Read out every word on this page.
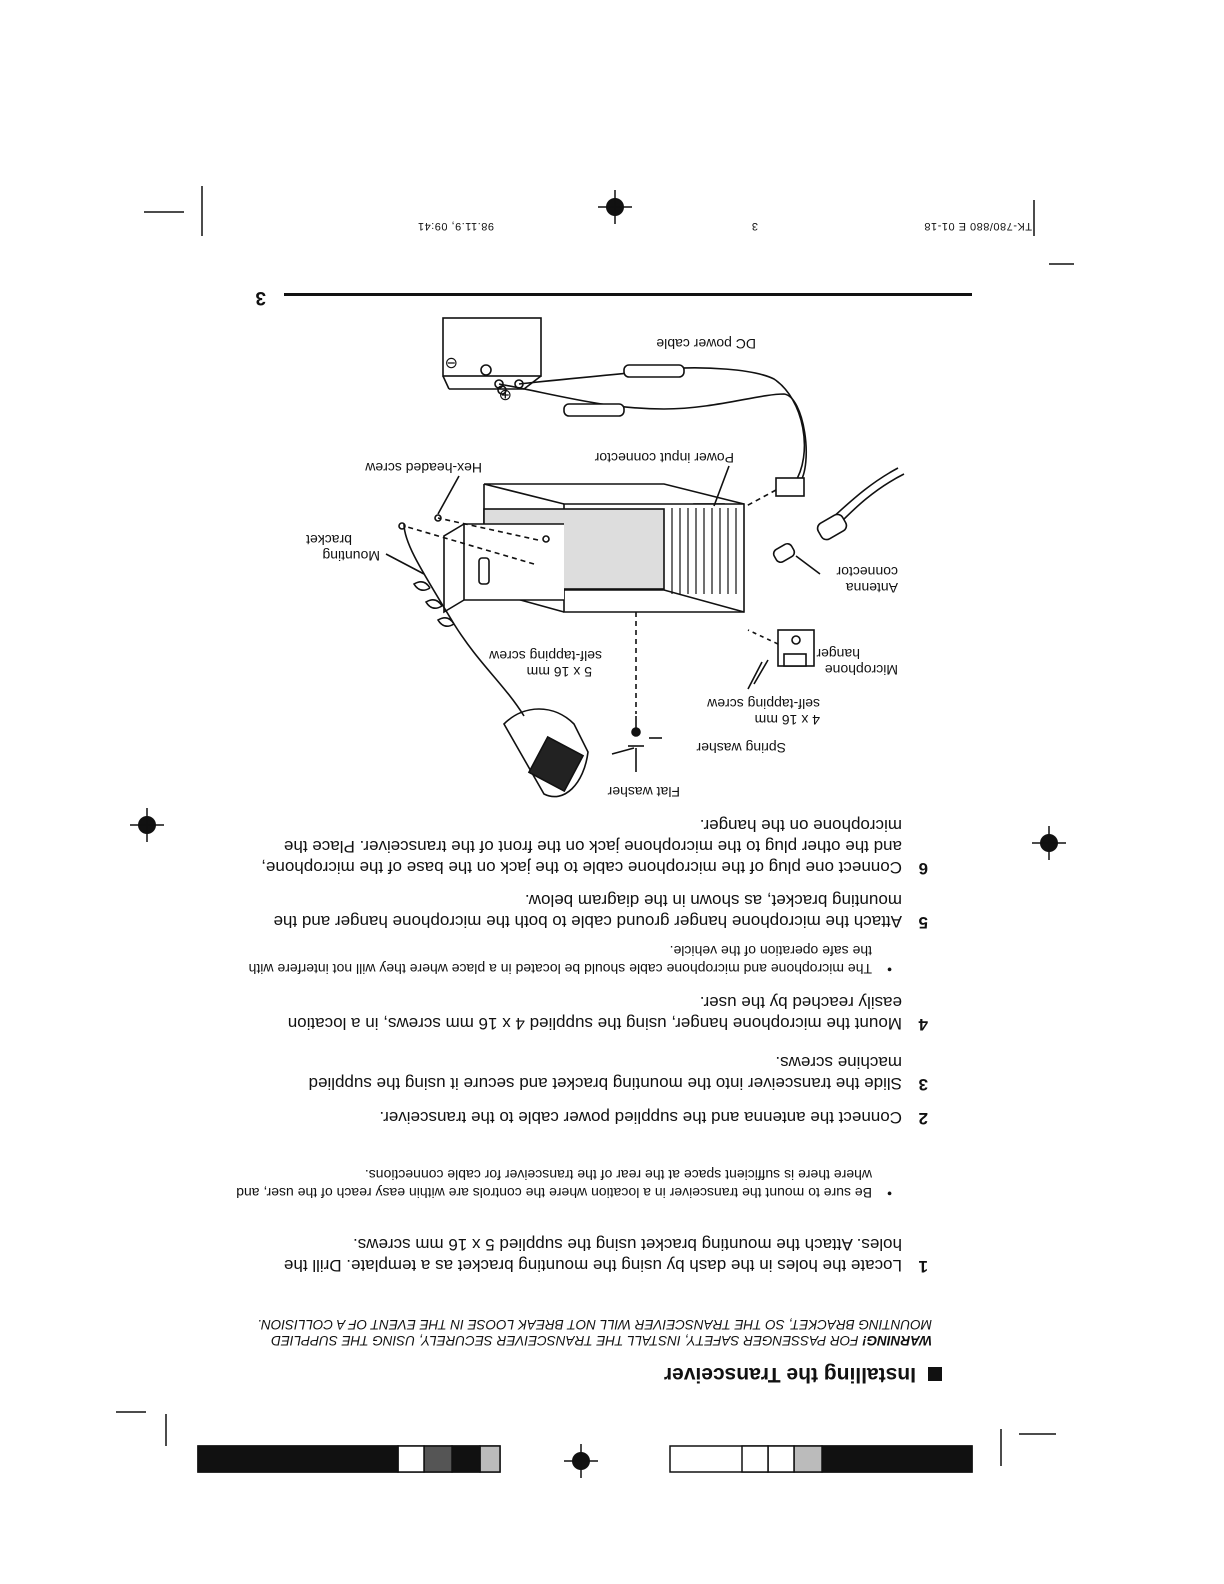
TK-780/880 E 01-18
3
98.11.9, 09:41
3
Flat washer
Spring washer
4 x 16 mm
self-tapping screw
5 x 16 mm
self-tapping screw
Microphone
hanger
Antenna
connector
Mounting
bracket
Hex-headed screw
Power input connector
DC power cable
⊕
⊖
6
Connect one plug of the microphone cable to the jack on the base of the microphone, and the other plug to the microphone jack on the front of the transceiver. Place the microphone on the hanger.
5
Attach the microphone hanger ground cable to both the microphone hanger and the mounting bracket, as shown in the diagram below.
•
The microphone and microphone cable should be located in a place where they will not interfere with the safe operation of the vehicle.
4
Mount the microphone hanger, using the supplied 4 x 16 mm screws, in a location easily reached by the user.
3
Slide the transceiver into the mounting bracket and secure it using the supplied machine screws.
2
Connect the antenna and the supplied power cable to the transceiver.
•
Be sure to mount the transceiver in a location where the controls are within easy reach of the user, and where there is sufficient space at the rear of the transceiver for cable connections.
1
Locate the holes in the dash by using the mounting bracket as a template. Drill the holes. Attach the mounting bracket using the supplied 5 x 16 mm screws.
WARNING! FOR PASSENGER SAFETY, INSTALL THE TRANSCEIVER SECURELY, USING THE SUPPLIED MOUNTING BRACKET, SO THE TRANSCEIVER WILL NOT BREAK LOOSE IN THE EVENT OF A COLLISION.
Installing the Transceiver
